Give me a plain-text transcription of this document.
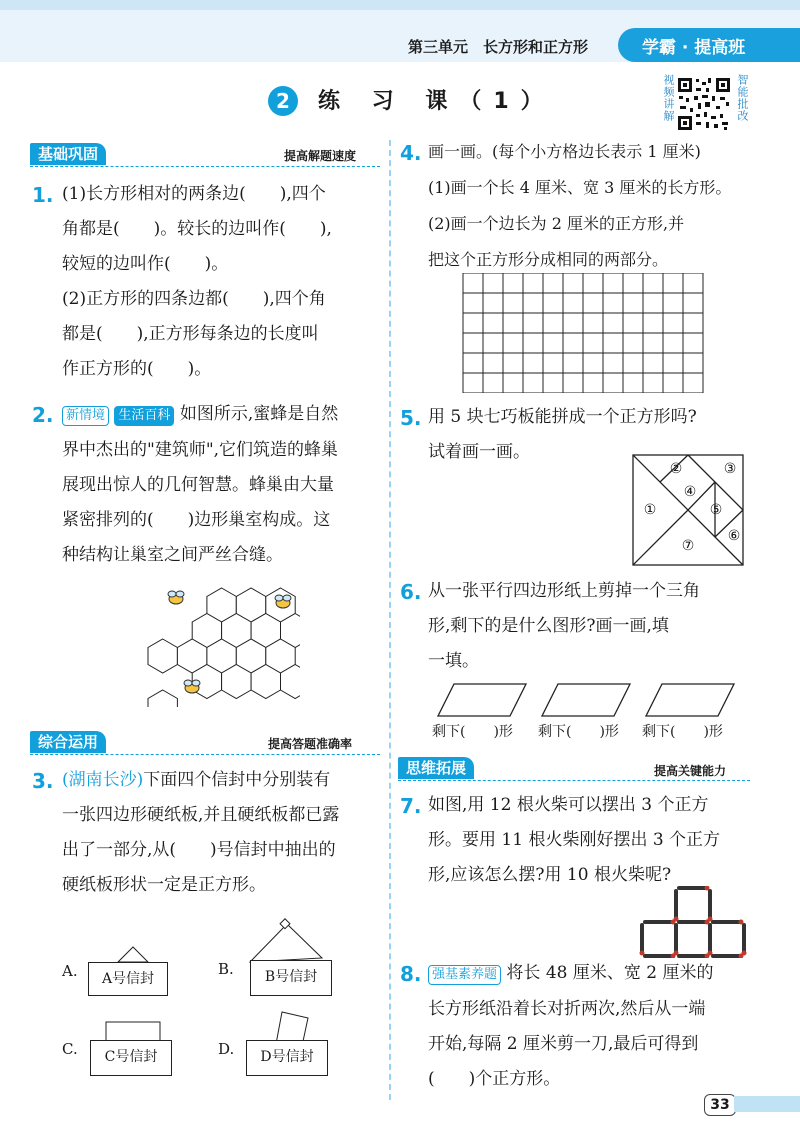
第三单元　长方形和正方形	学霸 · 提高班
2	练 习 课（1）	视频讲解	智能批改
基础巩固	提高解题速度
1. (1)长方形相对的两条边(　　),四个
角都是(　　)。较长的边叫作(　　),
较短的边叫作(　　)。
(2)正方形的四条边都(　　),四个角
都是(　　),正方形每条边的长度叫
作正方形的(　　)。
2. 新情境 生活百科 如图所示,蜜蜂是自然
界中杰出的"建筑师",它们筑造的蜂巢
展现出惊人的几何智慧。蜂巢由大量
紧密排列的(　　)边形巢室构成。这
种结构让巢室之间严丝合缝。
综合运用	提高答题准确率
3. (湖南长沙)下面四个信封中分别装有
一张四边形硬纸板,并且硬纸板都已露
出了一部分,从(　　)号信封中抽出的
硬纸板形状一定是正方形。
A.	A号信封
B.	B号信封
C.	C号信封	D.	D号信封
4. 画一画。(每个小方格边长表示 1 厘米)
(1)画一个长 4 厘米、宽 3 厘米的长方形。
(2)画一个边长为 2 厘米的正方形,并
把这个正方形分成相同的两部分。
5. 用 5 块七巧板能拼成一个正方形吗?
试着画一画。
②	③
④
①	⑤
⑥
⑦
6. 从一张平行四边形纸上剪掉一个三角
形,剩下的是什么图形?画一画,填
一填。
剩下(　　)形 剩下(　　)形 剩下(　　)形
思维拓展	提高关键能力
7. 如图,用 12 根火柴可以摆出 3 个正方
形。要用 11 根火柴刚好摆出 3 个正方
形,应该怎么摆?用 10 根火柴呢?
8. 强基素养题 将长 48 厘米、宽 2 厘米的
长方形纸沿着长对折两次,然后从一端
开始,每隔 2 厘米剪一刀,最后可得到
(　　)个正方形。
33
